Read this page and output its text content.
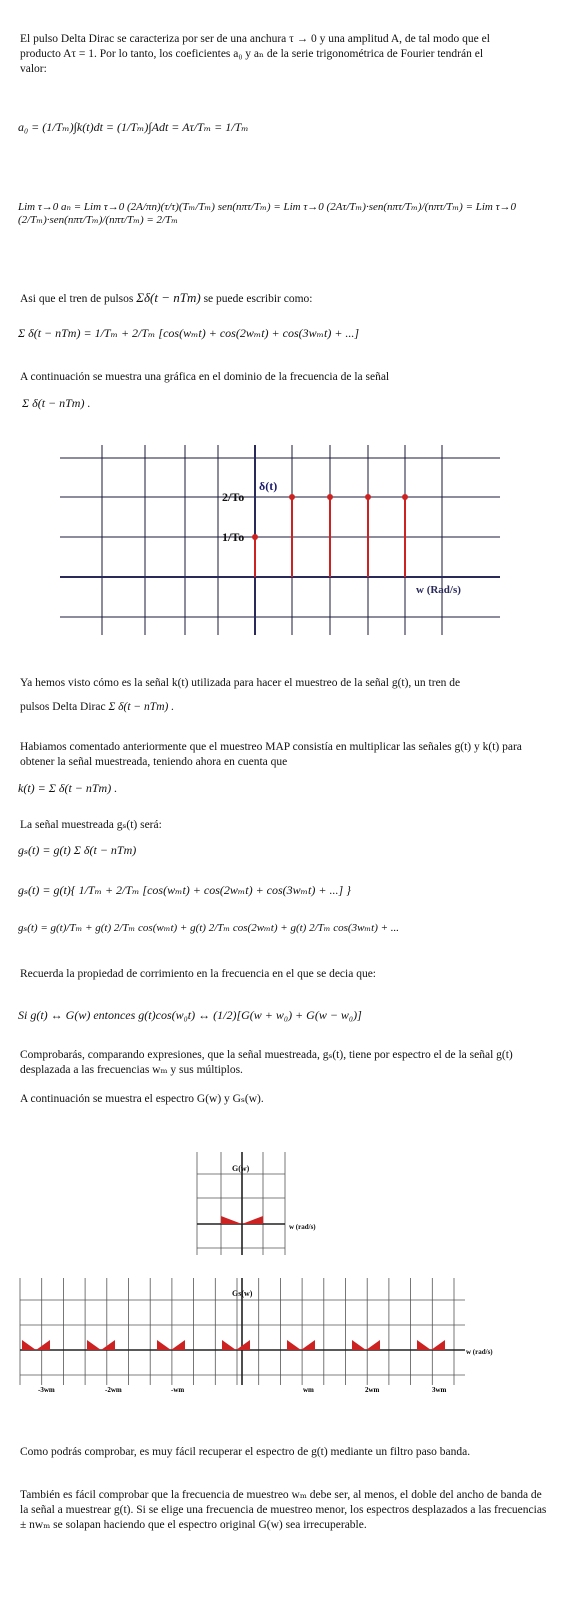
El pulso Delta Dirac se caracteriza por ser de una anchura τ → 0 y una amplitud A, de tal modo que el producto Aτ = 1. Por lo tanto, los coeficientes a₀ y aₙ de la serie trigonométrica de Fourier tendrán el valor:
a₀ = (1/Tₘ)∫k(t)dt = (1/Tₘ)∫Adt = Aτ/Tₘ = 1/Tₘ
Lim τ→0 aₙ = Lim τ→0 (2A/πn)(τ/τ)(Tₘ/Tₘ) sen(nπτ/Tₘ) = Lim τ→0 (2Aτ/Tₘ)·sen(nπτ/Tₘ)/(nπτ/Tₘ) = Lim τ→0 (2/Tₘ)·sen(nπτ/Tₘ)/(nπτ/Tₘ) = 2/Tₘ
Asi que el tren de pulsos Σδ(t − nTm) se puede escribir como:
Σ δ(t − nTm) = 1/Tₘ + 2/Tₘ [cos(wₘt) + cos(2wₘt) + cos(3wₘt) + ...]
A continuación se muestra una gráfica en el dominio de la frecuencia de la señal
Σ δ(t − nTm) .
2/To
1/To
δ(t)
w (Rad/s)
Ya hemos visto cómo es la señal k(t) utilizada para hacer el muestreo de la señal g(t), un tren de
pulsos Delta Dirac Σ δ(t − nTm) .
Habiamos comentado anteriormente que el muestreo MAP consistía en multiplicar las señales g(t) y k(t) para obtener la señal muestreada, teniendo ahora en cuenta que
k(t) = Σ δ(t − nTm) .
La señal muestreada gₛ(t) será:
gₛ(t) = g(t) Σ δ(t − nTm)
gₛ(t) = g(t){ 1/Tₘ + 2/Tₘ [cos(wₘt) + cos(2wₘt) + cos(3wₘt) + ...] }
gₛ(t) = g(t)/Tₘ + g(t) 2/Tₘ cos(wₘt) + g(t) 2/Tₘ cos(2wₘt) + g(t) 2/Tₘ cos(3wₘt) + ...
Recuerda la propiedad de corrimiento en la frecuencia en el que se decia que:
Si g(t) ↔ G(w) entonces g(t)cos(w₀t) ↔ (1/2)[G(w + w₀) + G(w − w₀)]
Comprobarás, comparando expresiones, que la señal muestreada, gₛ(t), tiene por espectro el de la señal g(t) desplazada a las frecuencias wₘ y sus múltiplos.
A continuación se muestra el espectro G(w) y Gₛ(w).
G(w)
w (rad/s)
Gs(w)
w (rad/s)
-3wm	-2wm	-wm	wm	2wm	3wm
Como podrás comprobar, es muy fácil recuperar el espectro de g(t) mediante un filtro paso banda.
También es fácil comprobar que la frecuencia de muestreo wₘ debe ser, al menos, el doble del ancho de banda de la señal a muestrear g(t). Si se elige una frecuencia de muestreo menor, los espectros desplazados a las frecuencias ± nwₘ se solapan haciendo que el espectro original G(w) sea irrecuperable.
